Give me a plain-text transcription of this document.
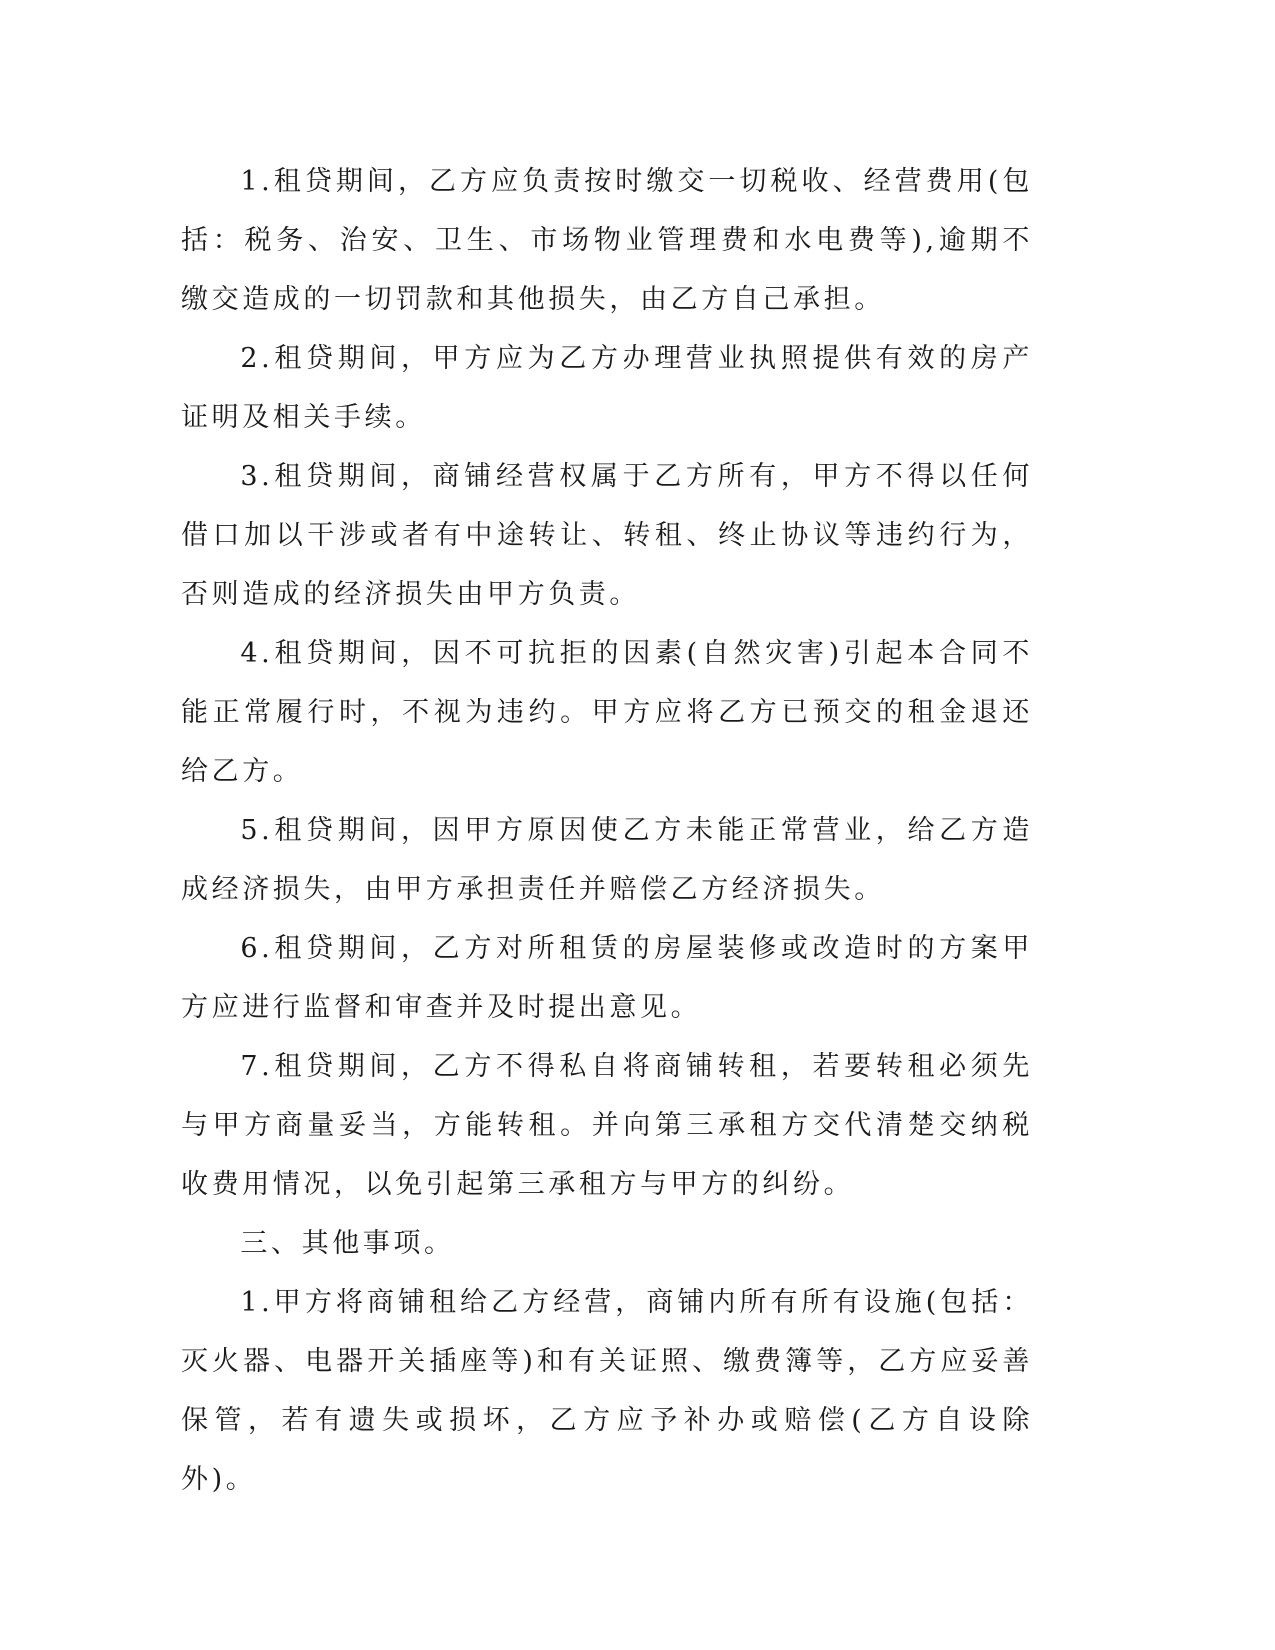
1.租贷期间，乙方应负责按时缴交一切税收、经营费用(包括：税务、治安、卫生、市场物业管理费和水电费等),逾期不缴交造成的一切罚款和其他损失，由乙方自己承担。

2.租贷期间，甲方应为乙方办理营业执照提供有效的房产证明及相关手续。

3.租贷期间，商铺经营权属于乙方所有，甲方不得以任何借口加以干涉或者有中途转让、转租、终止协议等违约行为，否则造成的经济损失由甲方负责。

4.租贷期间，因不可抗拒的因素(自然灾害)引起本合同不能正常履行时，不视为违约。甲方应将乙方已预交的租金退还给乙方。

5.租贷期间，因甲方原因使乙方未能正常营业，给乙方造成经济损失，由甲方承担责任并赔偿乙方经济损失。

6.租贷期间，乙方对所租赁的房屋装修或改造时的方案甲方应进行监督和审查并及时提出意见。

7.租贷期间，乙方不得私自将商铺转租，若要转租必须先与甲方商量妥当，方能转租。并向第三承租方交代清楚交纳税收费用情况，以免引起第三承租方与甲方的纠纷。

三、其他事项。

1.甲方将商铺租给乙方经营，商铺内所有所有设施(包括：灭火器、电器开关插座等)和有关证照、缴费簿等，乙方应妥善保管，若有遗失或损坏，乙方应予补办或赔偿(乙方自设除外)。
